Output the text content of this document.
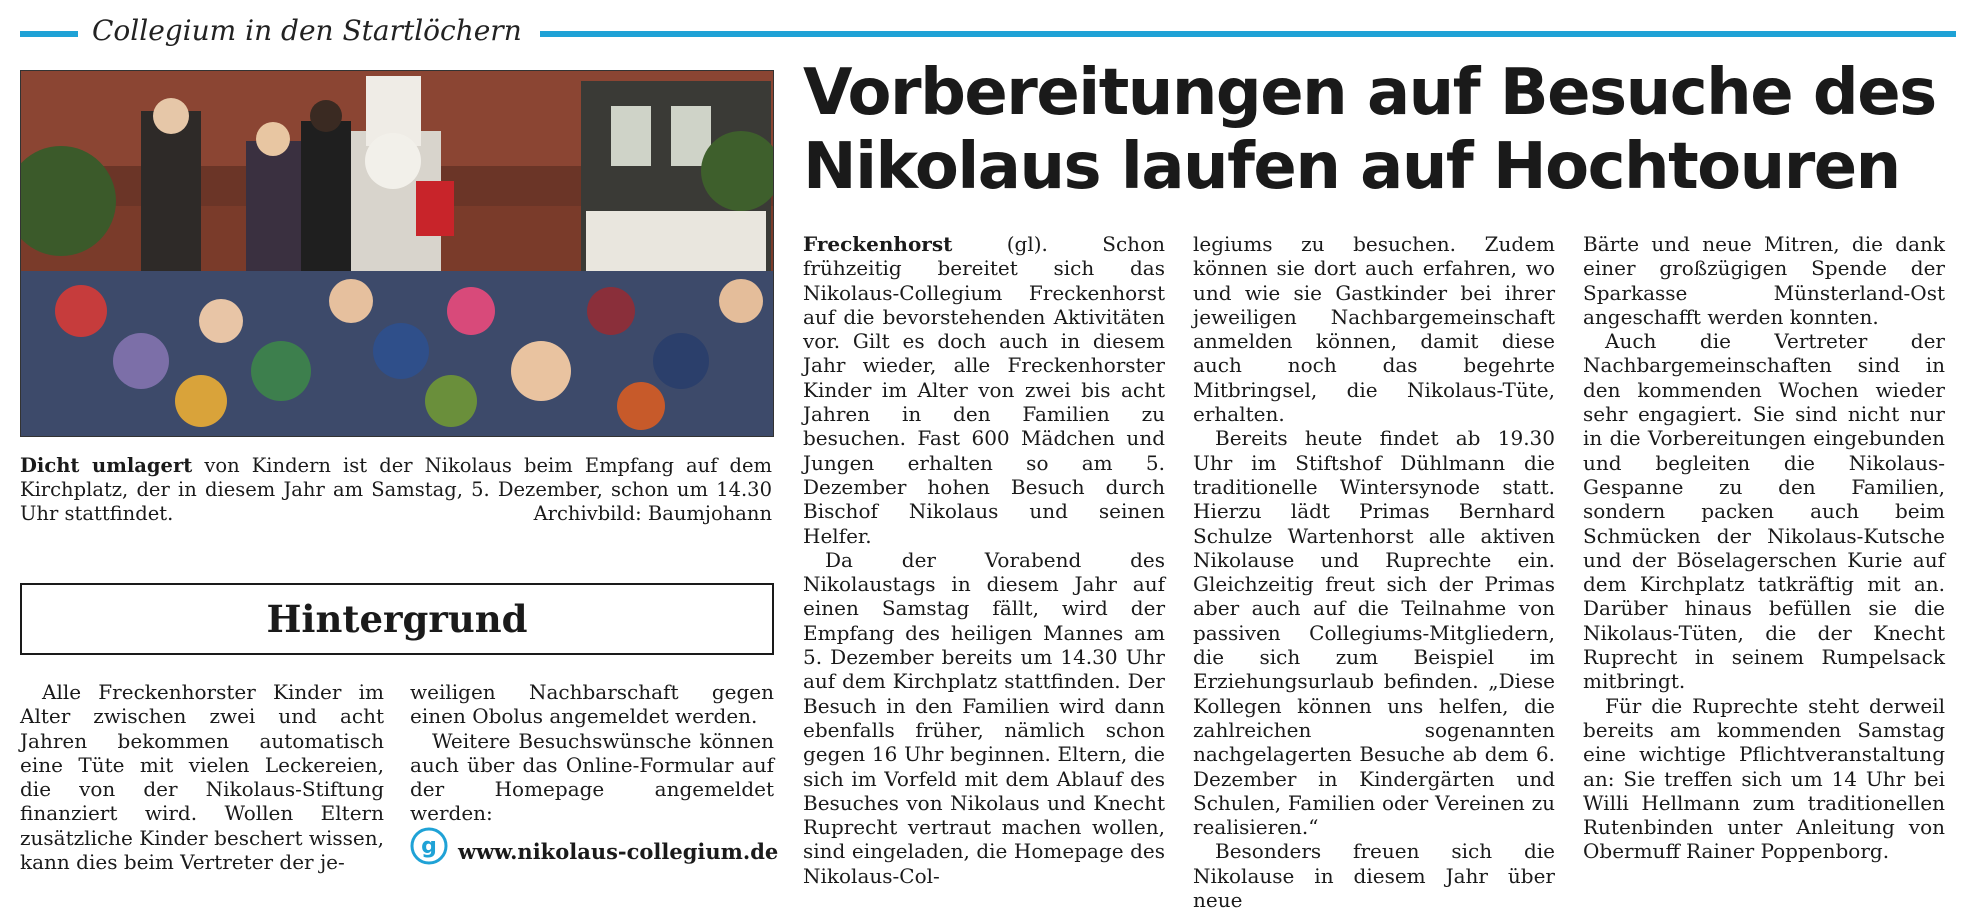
Collegium in den Startlöchern
Dicht umlagert von Kindern ist der Nikolaus beim Empfang auf dem Kirchplatz, der in diesem Jahr am Samstag, 5. Dezember, schon um 14.30 Uhr stattfindet.	Archivbild: Baumjohann
Hintergrund

Alle Freckenhorster Kinder im Alter zwischen zwei und acht Jahren bekommen automatisch eine Tüte mit vielen Leckereien, die von der Nikolaus-Stiftung finanziert wird. Wollen Eltern zusätzliche Kinder beschert wissen, kann dies beim Vertreter der je-

weiligen Nachbarschaft gegen einen Obolus angemeldet werden.

Weitere Besuchswünsche können auch über das Online-Formular auf der Homepage angemeldet werden:

g www.nikolaus-collegium.de
Vorbereitungen auf Besuche des
Nikolaus laufen auf Hochtouren

Freckenhorst (gl). Schon frühzeitig bereitet sich das Nikolaus-Collegium Freckenhorst auf die bevorstehenden Aktivitäten vor. Gilt es doch auch in diesem Jahr wieder, alle Freckenhorster Kinder im Alter von zwei bis acht Jahren in den Familien zu besuchen. Fast 600 Mädchen und Jungen erhalten so am 5. Dezember hohen Besuch durch Bischof Nikolaus und seinen Helfer.

Da der Vorabend des Nikolaustags in diesem Jahr auf einen Samstag fällt, wird der Empfang des heiligen Mannes am 5. Dezember bereits um 14.30 Uhr auf dem Kirchplatz stattfinden. Der Besuch in den Familien wird dann ebenfalls früher, nämlich schon gegen 16 Uhr beginnen. Eltern, die sich im Vorfeld mit dem Ablauf des Besuches von Nikolaus und Knecht Ruprecht vertraut machen wollen, sind eingeladen, die Homepage des Nikolaus-Col-

legiums zu besuchen. Zudem können sie dort auch erfahren, wo und wie sie Gastkinder bei ihrer jeweiligen Nachbargemeinschaft anmelden können, damit diese auch noch das begehrte Mitbringsel, die Nikolaus-Tüte, erhalten.

Bereits heute findet ab 19.30 Uhr im Stiftshof Dühlmann die traditionelle Wintersynode statt. Hierzu lädt Primas Bernhard Schulze Wartenhorst alle aktiven Nikolause und Ruprechte ein. Gleichzeitig freut sich der Primas aber auch auf die Teilnahme von passiven Collegiums-Mitgliedern, die sich zum Beispiel im Erziehungsurlaub befinden. „Diese Kollegen können uns helfen, die zahlreichen sogenannten nachgelagerten Besuche ab dem 6. Dezember in Kindergärten und Schulen, Familien oder Vereinen zu realisieren.“

Besonders freuen sich die Nikolause in diesem Jahr über neue

Bärte und neue Mitren, die dank einer großzügigen Spende der Sparkasse Münsterland-Ost angeschafft werden konnten.

Auch die Vertreter der Nachbargemeinschaften sind in den kommenden Wochen wieder sehr engagiert. Sie sind nicht nur in die Vorbereitungen eingebunden und begleiten die Nikolaus-Gespanne zu den Familien, sondern packen auch beim Schmücken der Nikolaus-Kutsche und der Böselagerschen Kurie auf dem Kirchplatz tatkräftig mit an. Darüber hinaus befüllen sie die Nikolaus-Tüten, die der Knecht Ruprecht in seinem Rumpelsack mitbringt.

Für die Ruprechte steht derweil bereits am kommenden Samstag eine wichtige Pflichtveranstaltung an: Sie treffen sich um 14 Uhr bei Willi Hellmann zum traditionellen Rutenbinden unter Anleitung von Obermuff Rainer Poppenborg.
